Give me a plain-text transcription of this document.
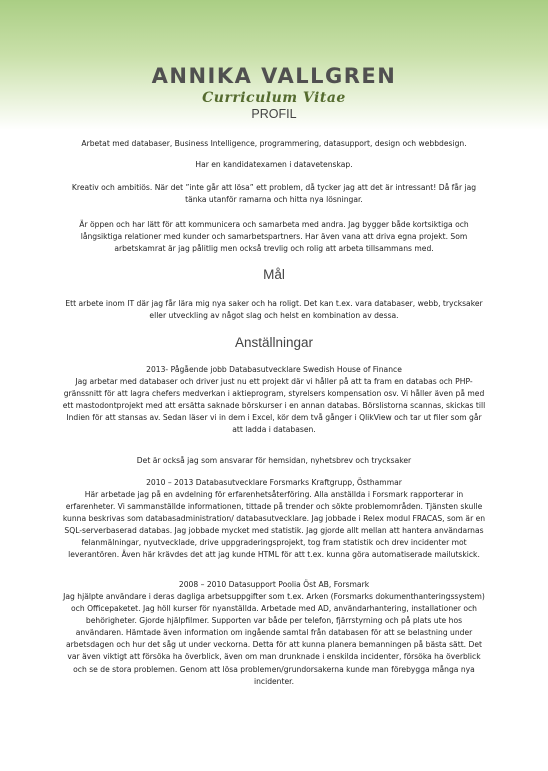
ANNIKA VALLGREN
Curriculum Vitae
PROFIL
Arbetat med databaser, Business Intelligence, programmering, datasupport, design och webbdesign.
Har en kandidatexamen i datavetenskap.
Kreativ och ambitiös. När det ”inte går att lösa” ett problem, då tycker jag att det är intressant! Då får jag tänka utanför ramarna och hitta nya lösningar.
Är öppen och har lätt för att kommunicera och samarbeta med andra. Jag bygger både kortsiktiga och långsiktiga relationer med kunder och samarbetspartners. Har även vana att driva egna projekt. Som arbetskamrat är jag pålitlig men också trevlig och rolig att arbeta tillsammans med.
Mål
Ett arbete inom IT där jag får lära mig nya saker och ha roligt. Det kan t.ex. vara databaser, webb, trycksaker eller utveckling av något slag och helst en kombination av dessa.
Anställningar
2013- Pågående jobb Databasutvecklare Swedish House of Finance
Jag arbetar med databaser och driver just nu ett projekt där vi håller på att ta fram en databas och PHP-gränssnitt för att lagra chefers medverkan i aktieprogram, styrelsers kompensation osv. Vi håller även på med ett mastodontprojekt med att ersätta saknade börskurser i en annan databas. Börslistorna scannas, skickas till Indien för att stansas av. Sedan läser vi in dem i Excel, kör dem två gånger i QlikView och tar ut filer som går att ladda i databasen.
Det är också jag som ansvarar för hemsidan, nyhetsbrev och trycksaker
2010 – 2013 Databasutvecklare Forsmarks Kraftgrupp, Östhammar
Här arbetade jag på en avdelning för erfarenhetsåterföring. Alla anställda i Forsmark rapporterar in erfarenheter. Vi sammanställde informationen, tittade på trender och sökte problemområden. Tjänsten skulle kunna beskrivas som databasadministration/ databasutvecklare. Jag jobbade i Relex modul FRACAS, som är en SQL-serverbaserad databas. Jag jobbade mycket med statistik. Jag gjorde allt mellan att hantera användarnas felanmälningar, nyutvecklade, drive uppgraderingsprojekt, tog fram statistik och drev incidenter mot leverantören. Även här krävdes det att jag kunde HTML för att t.ex. kunna göra automatiserade mailutskick.
2008 – 2010 Datasupport Poolia Öst AB, Forsmark
Jag hjälpte användare i deras dagliga arbetsuppgifter som t.ex. Arken (Forsmarks dokumenthanteringssystem) och Officepaketet. Jag höll kurser för nyanställda. Arbetade med AD, användarhantering, installationer och behörigheter. Gjorde hjälpfilmer. Supporten var både per telefon, fjärrstyrning och på plats ute hos användaren. Hämtade även information om ingående samtal från databasen för att se belastning under arbetsdagen och hur det såg ut under veckorna. Detta för att kunna planera bemanningen på bästa sätt. Det var även viktigt att försöka ha överblick, även om man drunknade i enskilda incidenter, försöka ha överblick och se de stora problemen. Genom att lösa problemen/grundorsakerna kunde man förebygga många nya incidenter.
